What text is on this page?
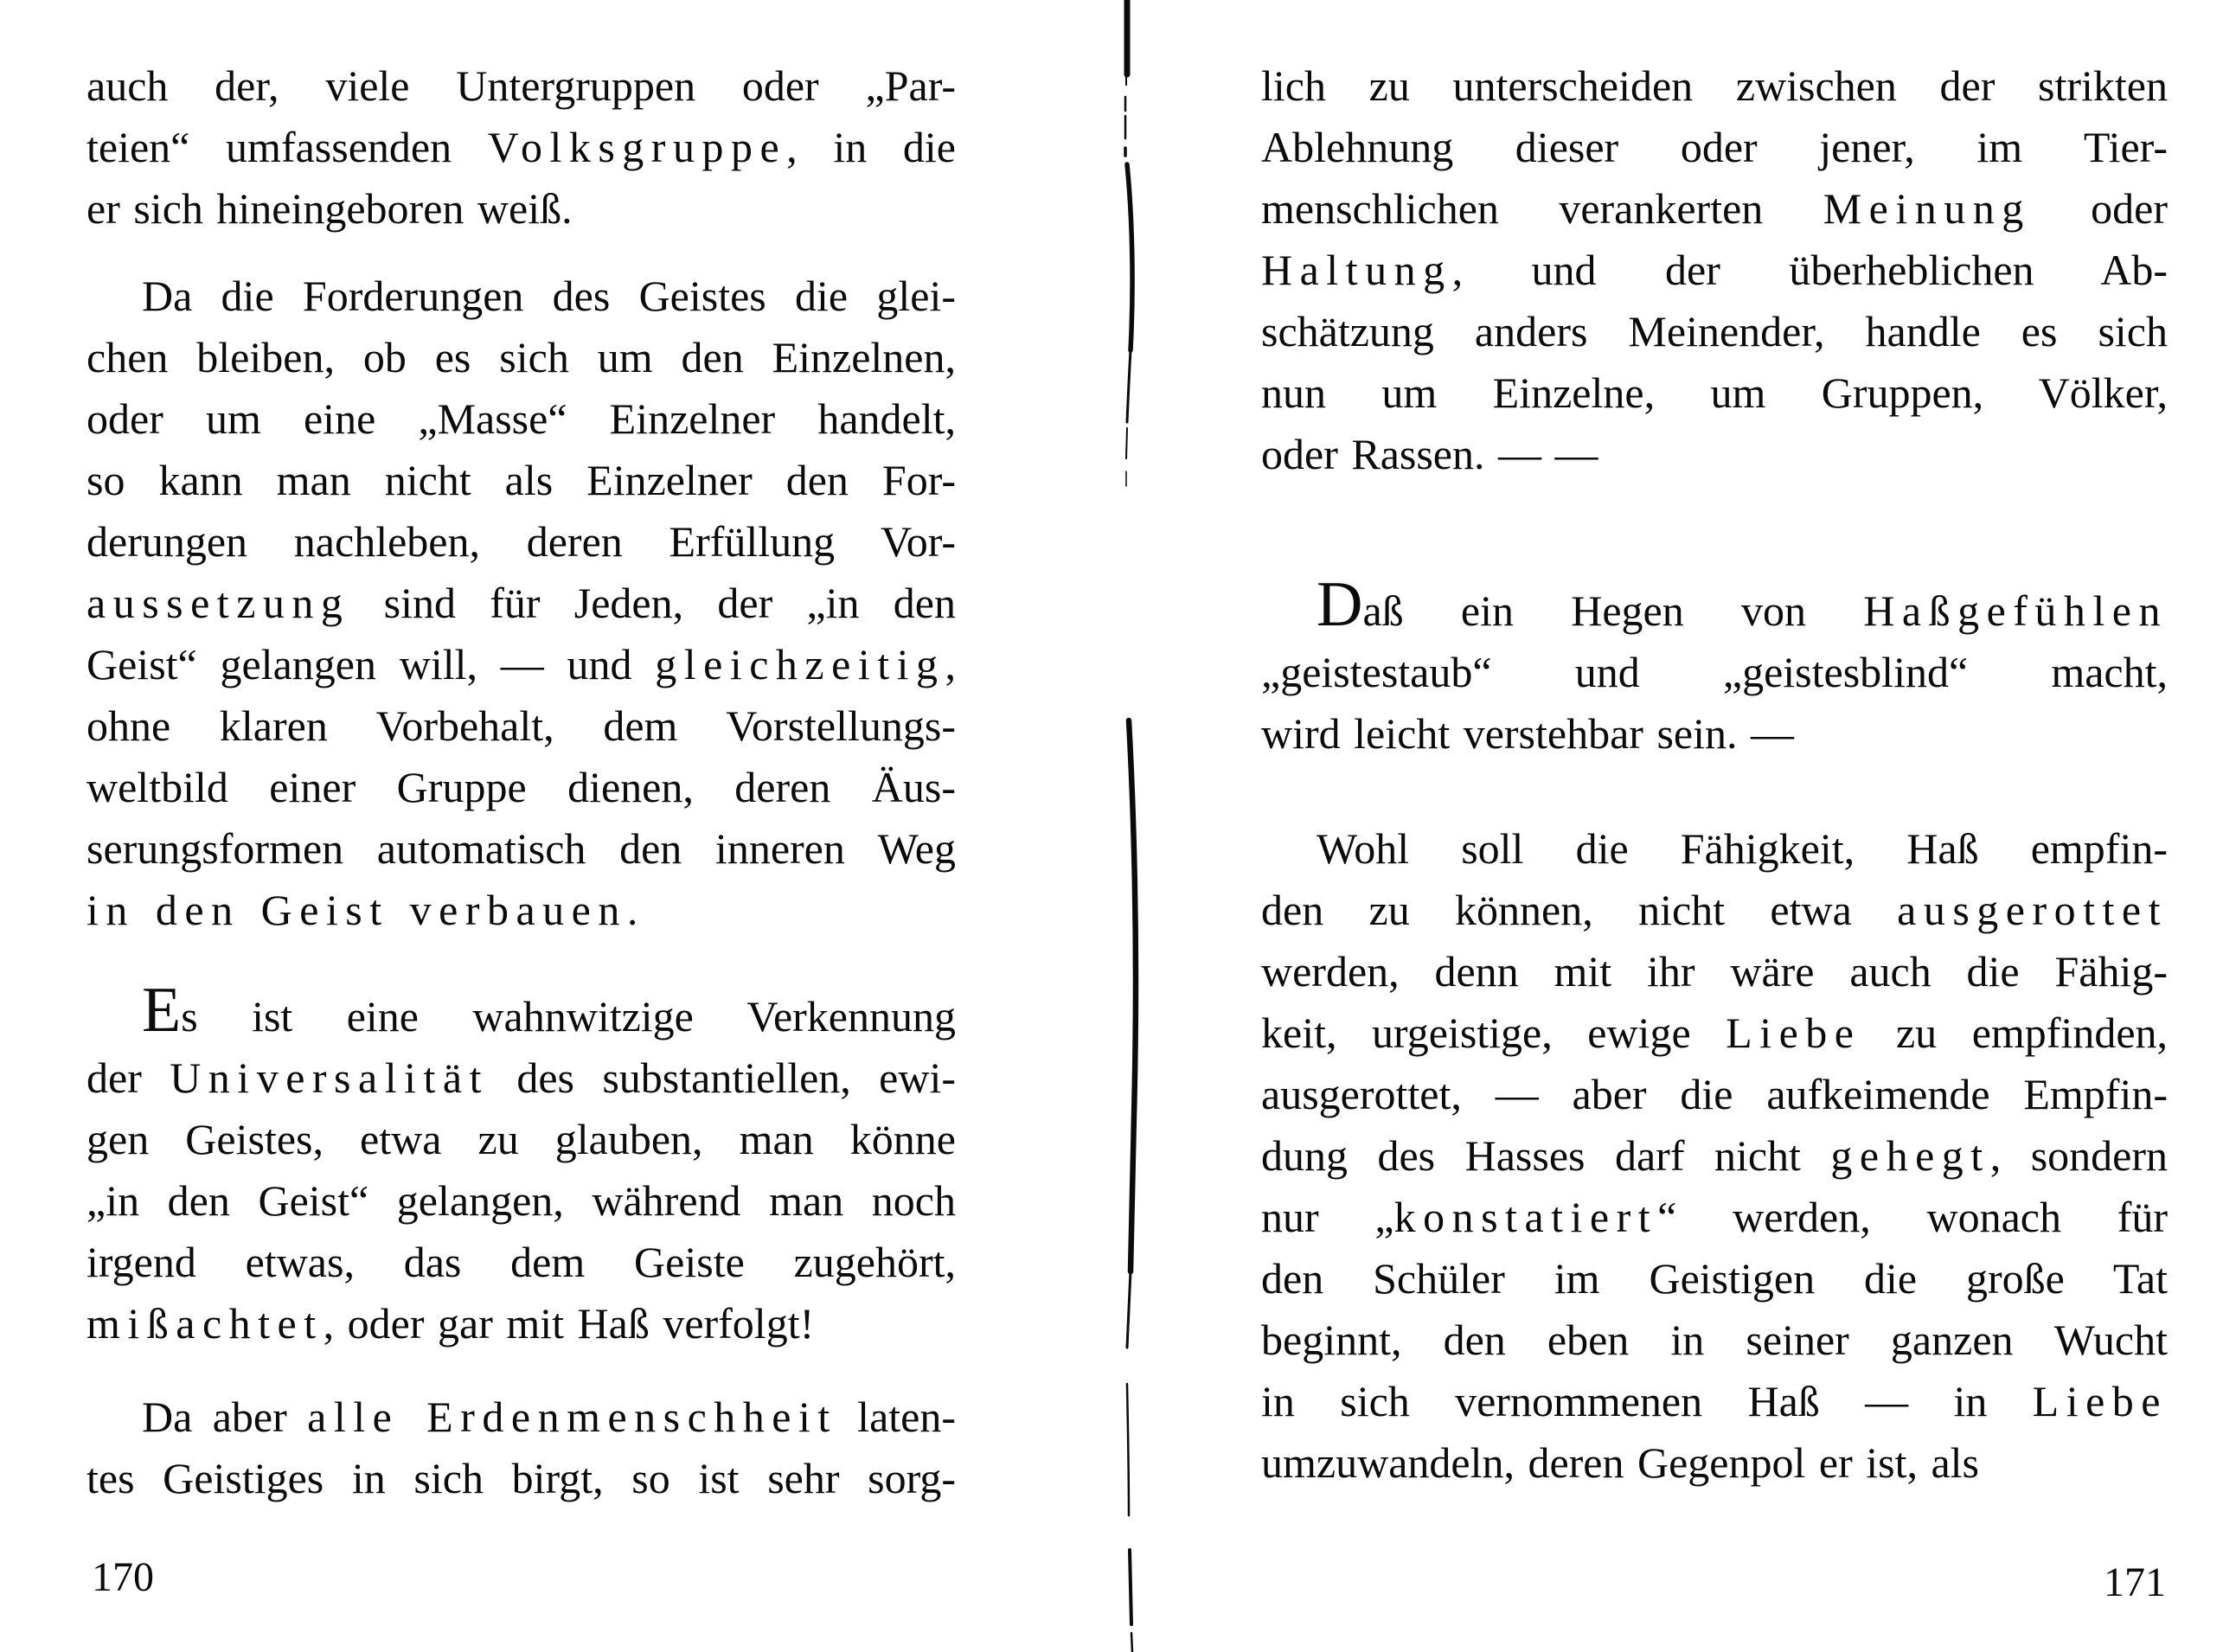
auch der, viele Untergruppen oder „Par-
teien“ umfassenden Volksgruppe, in die
er sich hineingeboren weiß.
Da die Forderungen des Geistes die glei-
chen bleiben, ob es sich um den Einzelnen,
oder um eine „Masse“ Einzelner handelt,
so kann man nicht als Einzelner den For-
derungen nachleben, deren Erfüllung Vor-
aussetzung sind für Jeden, der „in den
Geist“ gelangen will, — und gleichzeitig,
ohne klaren Vorbehalt, dem Vorstellungs-
weltbild einer Gruppe dienen, deren Äus-
serungsformen automatisch den inneren Weg
in den Geist verbauen.
Es ist eine wahnwitzige Verkennung
der Universalität des substantiellen, ewi-
gen Geistes, etwa zu glauben, man könne
„in den Geist“ gelangen, während man noch
irgend etwas, das dem Geiste zugehört,
mißachtet, oder gar mit Haß verfolgt!
Da aber alle Erdenmenschheit laten-
tes Geistiges in sich birgt, so ist sehr sorg-
lich zu unterscheiden zwischen der strikten
Ablehnung dieser oder jener, im Tier-
menschlichen verankerten Meinung oder
Haltung, und der überheblichen Ab-
schätzung anders Meinender, handle es sich
nun um Einzelne, um Gruppen, Völker,
oder Rassen. — —
Daß ein Hegen von Haßgefühlen
„geistestaub“ und „geistesblind“ macht,
wird leicht verstehbar sein. —
Wohl soll die Fähigkeit, Haß empfin-
den zu können, nicht etwa ausgerottet
werden, denn mit ihr wäre auch die Fähig-
keit, urgeistige, ewige Liebe zu empfinden,
ausgerottet, — aber die aufkeimende Empfin-
dung des Hasses darf nicht gehegt, sondern
nur „konstatiert“ werden, wonach für
den Schüler im Geistigen die große Tat
beginnt, den eben in seiner ganzen Wucht
in sich vernommenen Haß — in Liebe
umzuwandeln, deren Gegenpol er ist, als
170	171
